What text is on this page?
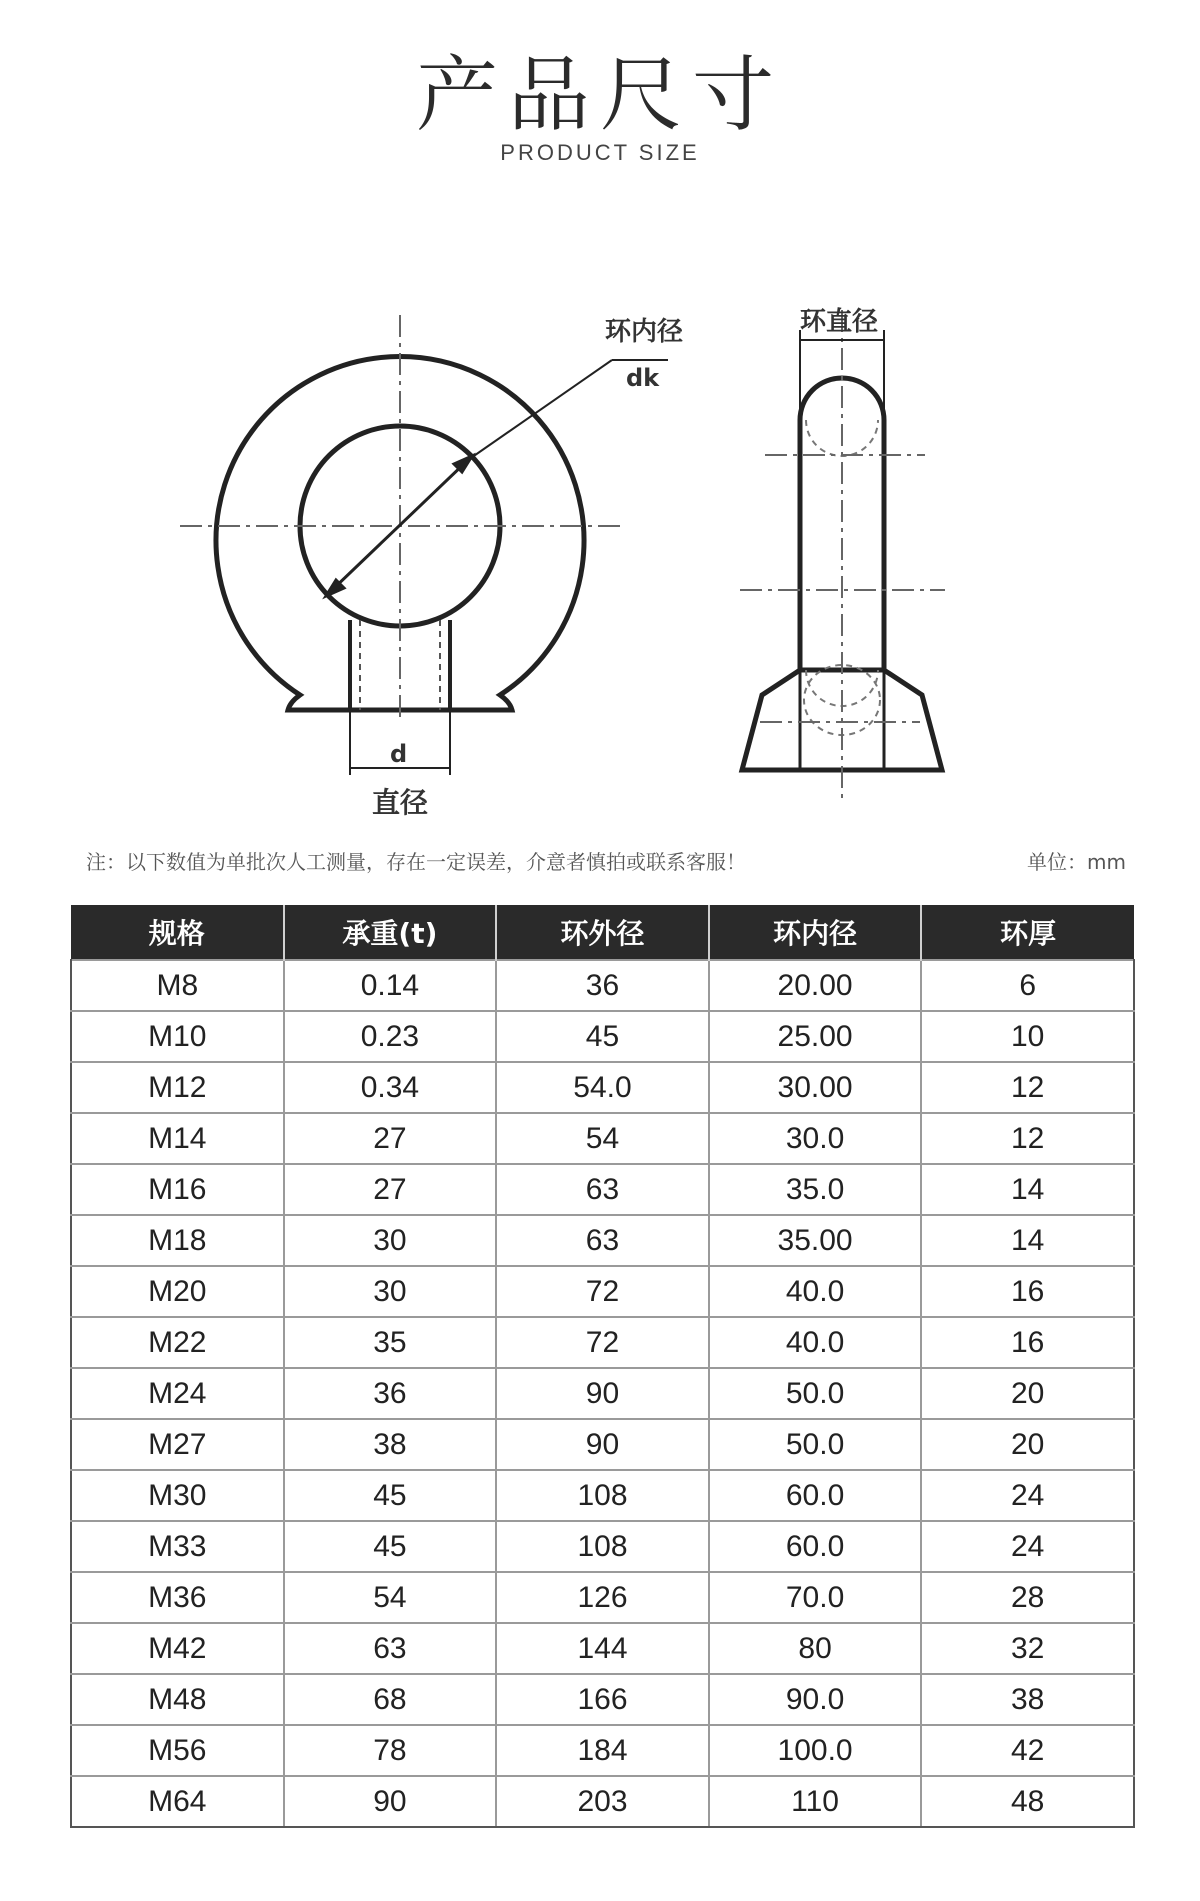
产品尺寸
PRODUCT SIZE
环内径
dk
d
直径
环直径
注：以下数值为单批次人工测量，存在一定误差，介意者慎拍或联系客服！	单位：mm
规格	承重(t)	环外径	环内径	环厚
M8	0.14	36	20.00	6
M10	0.23	45	25.00	10
M12	0.34	54.0	30.00	12
M14	27	54	30.0	12
M16	27	63	35.0	14
M18	30	63	35.00	14
M20	30	72	40.0	16
M22	35	72	40.0	16
M24	36	90	50.0	20
M27	38	90	50.0	20
M30	45	108	60.0	24
M33	45	108	60.0	24
M36	54	126	70.0	28
M42	63	144	80	32
M48	68	166	90.0	38
M56	78	184	100.0	42
M64	90	203	110	48
